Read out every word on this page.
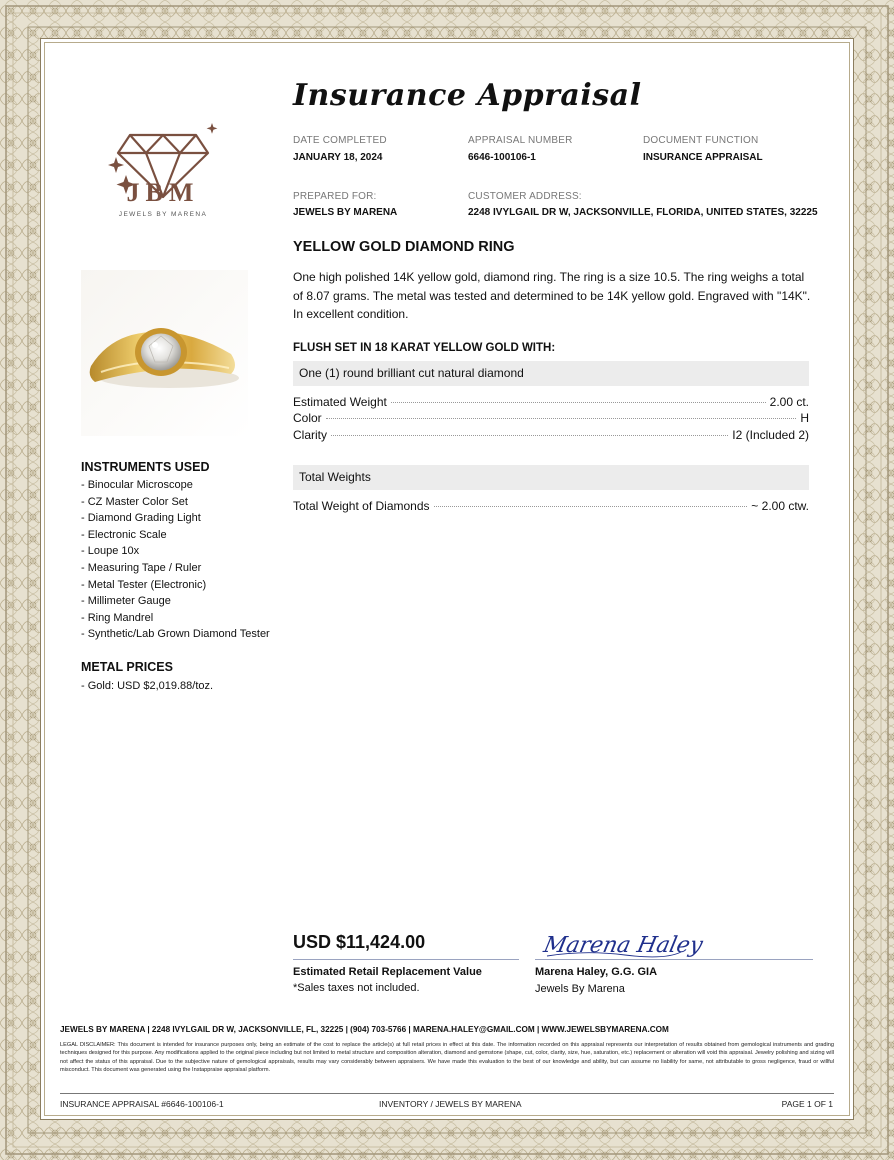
JBM
JEWELS BY MARENA
Insurance Appraisal
DATE COMPLETED
JANUARY 18, 2024
APPRAISAL NUMBER
6646-100106-1
DOCUMENT FUNCTION
INSURANCE APPRAISAL
PREPARED FOR:
JEWELS BY MARENA
CUSTOMER ADDRESS:
2248 IVYLGAIL DR W, JACKSONVILLE, FLORIDA, UNITED STATES, 32225
YELLOW GOLD DIAMOND RING

One high polished 14K yellow gold, diamond ring. The ring is a size 10.5. The ring weighs a total of 8.07 grams. The metal was tested and determined to be 14K yellow gold. Engraved with "14K". In excellent condition.

FLUSH SET IN 18 KARAT YELLOW GOLD WITH:
One (1) round brilliant cut natural diamond
Estimated Weight	2.00 ct.
Color	H
Clarity	I2 (Included 2)
Total Weights
Total Weight of Diamonds	~ 2.00 ctw.
INSTRUMENTS USED
- Binocular Microscope
- CZ Master Color Set
- Diamond Grading Light
- Electronic Scale
- Loupe 10x
- Measuring Tape / Ruler
- Metal Tester (Electronic)
- Millimeter Gauge
- Ring Mandrel
- Synthetic/Lab Grown Diamond Tester
METAL PRICES
- Gold: USD $2,019.88/toz.
USD $11,424.00
Estimated Retail Replacement Value
*Sales taxes not included.
Marena Haley
Marena Haley, G.G. GIA
Jewels By Marena
JEWELS BY MARENA | 2248 IVYLGAIL DR W, JACKSONVILLE, FL, 32225 | (904) 703-5766 | MARENA.HALEY@GMAIL.COM | WWW.JEWELSBYMARENA.COM

LEGAL DISCLAIMER: This document is intended for insurance purposes only, being an estimate of the cost to replace the article(s) at full retail prices in effect at this date. The information recorded on this appraisal represents our interpretation of results obtained from gemological instruments and grading techniques designed for this purpose. Any modifications applied to the original piece including but not limited to metal structure and composition alteration, diamond and gemstone (shape, cut, color, clarity, size, hue, saturation, etc.) replacement or alteration will void this appraisal. Jewelry polishing and sizing will not affect the status of this appraisal. Due to the subjective nature of gemological appraisals, results may vary considerably between appraisers. We have made this evaluation to the best of our knowledge and ability, but can assume no liability for same, not attributable to gross negligence, fraud or willful misconduct. This document was generated using the Instappraise appraisal platform.

INSURANCE APPRAISAL #6646-100106-1	INVENTORY / JEWELS BY MARENA	PAGE 1 OF 1
